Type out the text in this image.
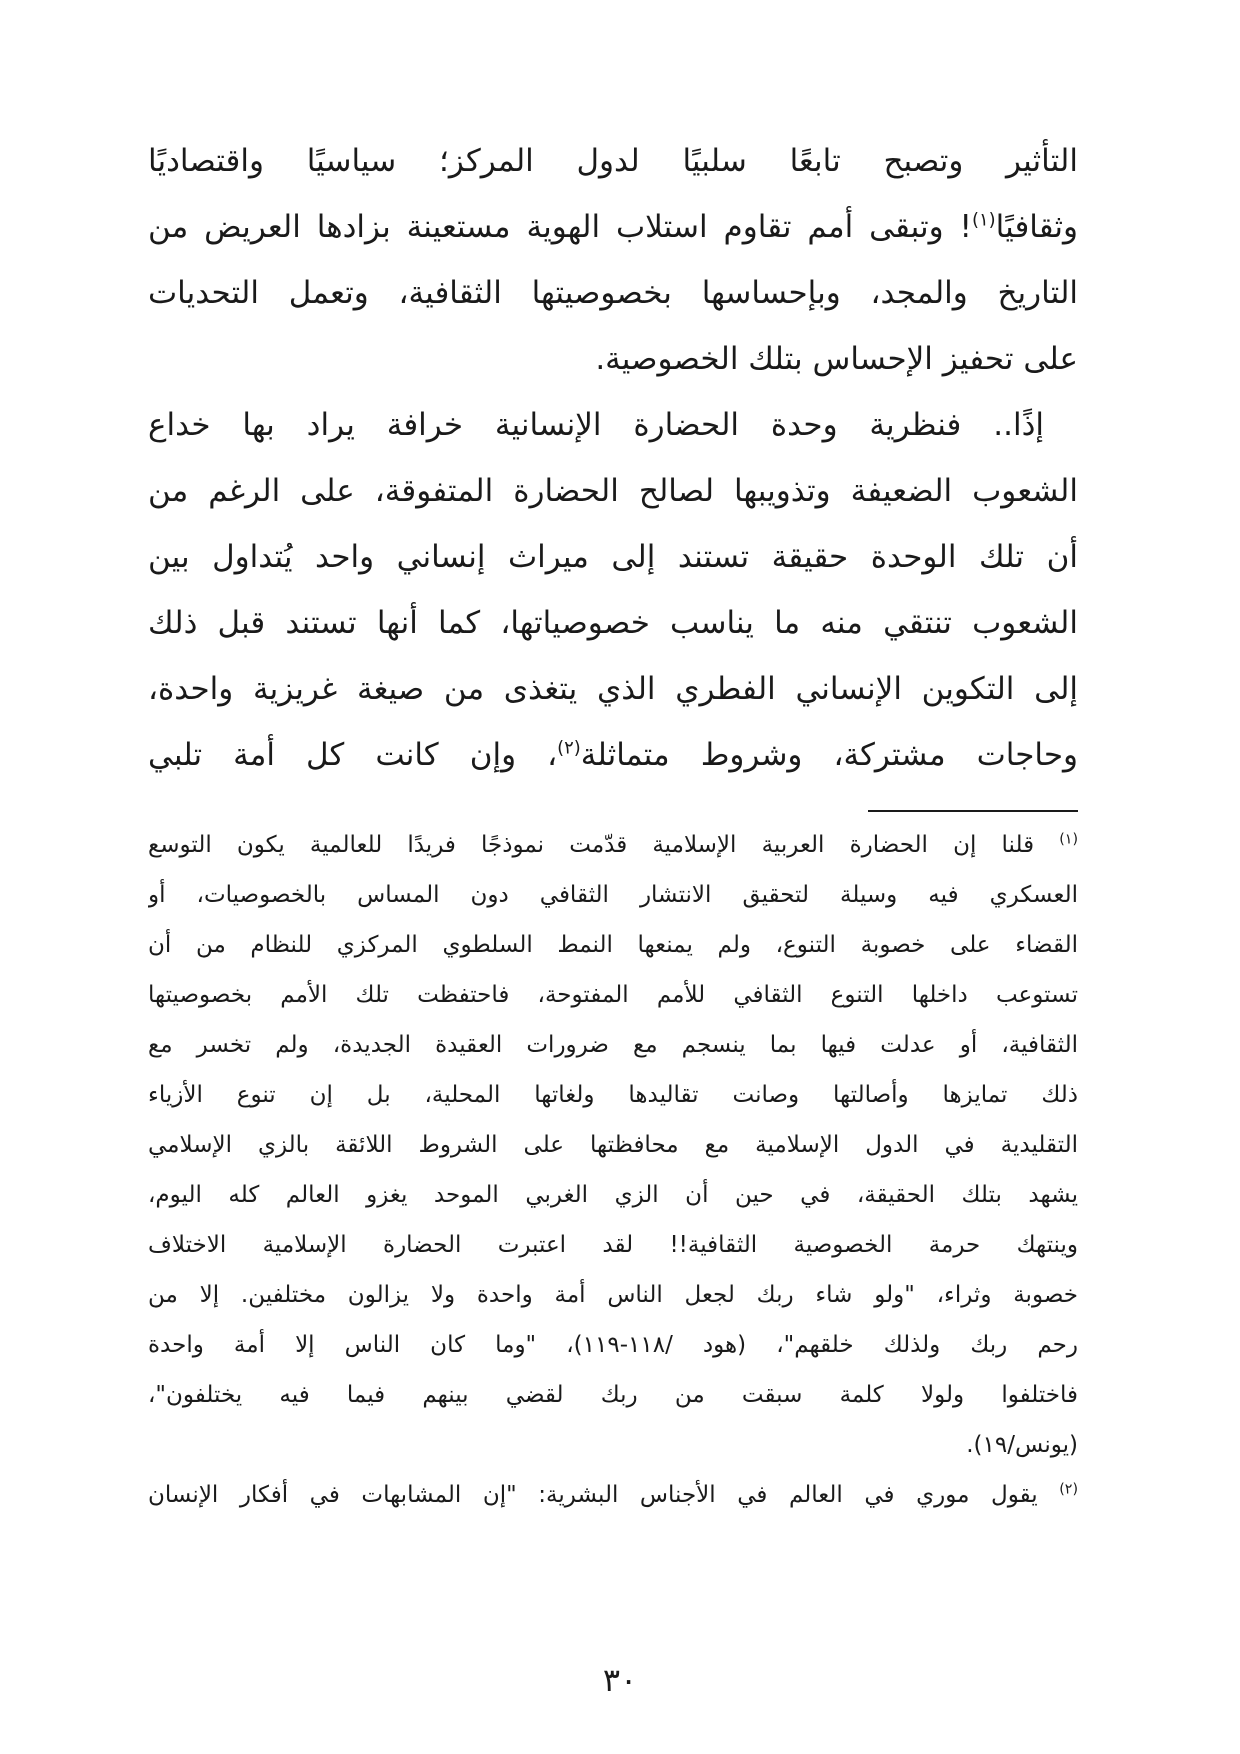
التأثير وتصبح تابعًا سلبيًا لدول المركز؛ سياسيًا واقتصاديًا
وثقافيًا$^{(١)}$! وتبقى أمم تقاوم استلاب الهوية مستعينة بزادها العريض من
التاريخ والمجد، وبإحساسها بخصوصيتها الثقافية، وتعمل التحديات
على تحفيز الإحساس بتلك الخصوصية.
إذًا.. فنظرية وحدة الحضارة الإنسانية خرافة يراد بها خداع
الشعوب الضعيفة وتذويبها لصالح الحضارة المتفوقة، على الرغم من
أن تلك الوحدة حقيقة تستند إلى ميراث إنساني واحد يُتداول بين
الشعوب تنتقي منه ما يناسب خصوصياتها، كما أنها تستند قبل ذلك
إلى التكوين الإنساني الفطري الذي يتغذى من صيغة غريزية واحدة،
وحاجات مشتركة، وشروط متماثلة$^{(٢)}$، وإن كانت كل أمة تلبي
$^{(١)}$ قلنا إن الحضارة العربية الإسلامية قدّمت نموذجًا فريدًا للعالمية يكون التوسع
العسكري فيه وسيلة لتحقيق الانتشار الثقافي دون المساس بالخصوصيات، أو
القضاء على خصوبة التنوع، ولم يمنعها النمط السلطوي المركزي للنظام من أن
تستوعب داخلها التنوع الثقافي للأمم المفتوحة، فاحتفظت تلك الأمم بخصوصيتها
الثقافية، أو عدلت فيها بما ينسجم مع ضرورات العقيدة الجديدة، ولم تخسر مع
ذلك تمايزها وأصالتها وصانت تقاليدها ولغاتها المحلية، بل إن تنوع الأزياء
التقليدية في الدول الإسلامية مع محافظتها على الشروط اللائقة بالزي الإسلامي
يشهد بتلك الحقيقة، في حين أن الزي الغربي الموحد يغزو العالم كله اليوم،
وينتهك حرمة الخصوصية الثقافية!! لقد اعتبرت الحضارة الإسلامية الاختلاف
خصوبة وثراء، "ولو شاء ربك لجعل الناس أمة واحدة ولا يزالون مختلفين. إلا من
رحم ربك ولذلك خلقهم"، (هود /١١٨-١١٩)، "وما كان الناس إلا أمة واحدة
فاختلفوا ولولا كلمة سبقت من ربك لقضي بينهم فيما فيه يختلفون"،
(يونس/١٩).
$^{(٢)}$ يقول موري في العالم في الأجناس البشرية: "إن المشابهات في أفكار الإنسان
٣٠
